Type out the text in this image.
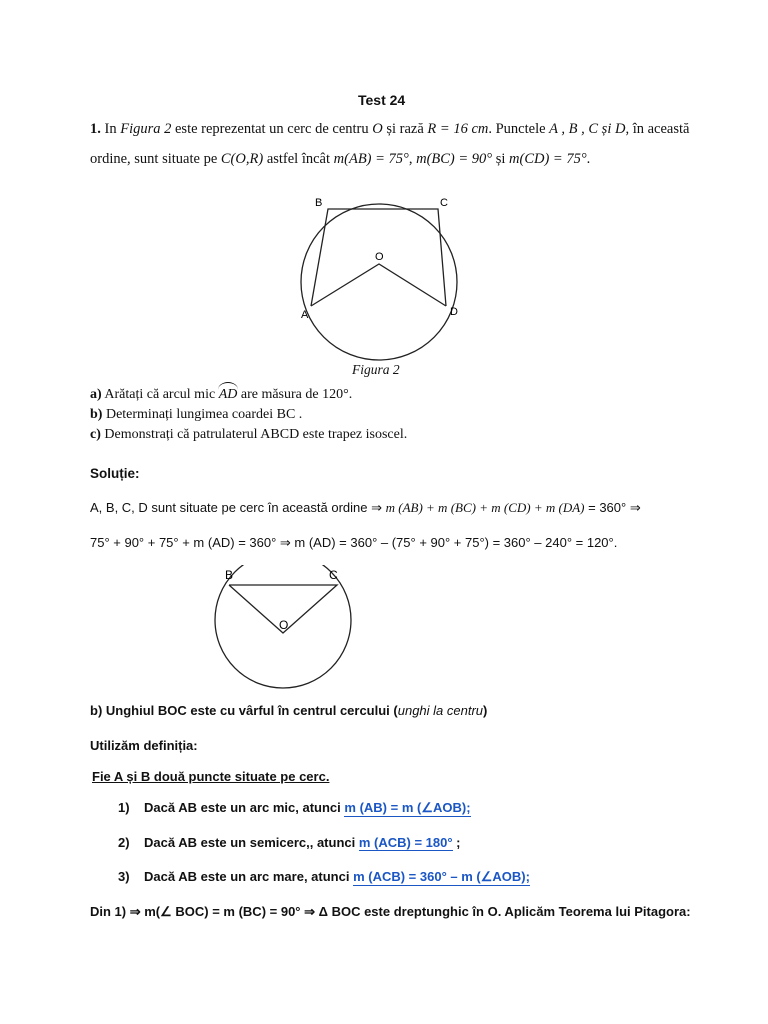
Test 24
1. In Figura 2 este reprezentat un cerc de centru O și rază R = 16 cm. Punctele A , B , C și D, în această
ordine, sunt situate pe C(O,R) astfel încât m(AB) = 75°, m(BC) = 90° și m(CD) = 75°.
B	C
O
A	D
Figura 2
a) Arătați că arcul mic AD are măsura de 120°.
b) Determinați lungimea coardei BC .
c) Demonstrați că patrulaterul ABCD este trapez isoscel.
Soluție:
A, B, C, D sunt situate pe cerc în această ordine ⇒ m (AB) + m (BC) + m (CD) + m (DA) = 360° ⇒
75° + 90° + 75° + m (AD) = 360° ⇒ m (AD) = 360° – (75° + 90° + 75°) = 360° – 240° = 120°.
B	C
O
b) Unghiul BOC este cu vârful în centrul cercului (unghi la centru)
Utilizăm definiția:
Fie A și B două puncte situate pe cerc.
1) Dacă AB este un arc mic, atunci m (AB) = m (∠AOB);
2) Dacă AB este un semicerc,, atunci m (ACB) = 180° ;
3) Dacă AB este un arc mare, atunci m (ACB) = 360° – m (∠AOB);
Din 1) ⇒ m(∠ BOC) = m (BC) = 90° ⇒ Δ BOC este dreptunghic în O. Aplicăm Teorema lui Pitagora:
